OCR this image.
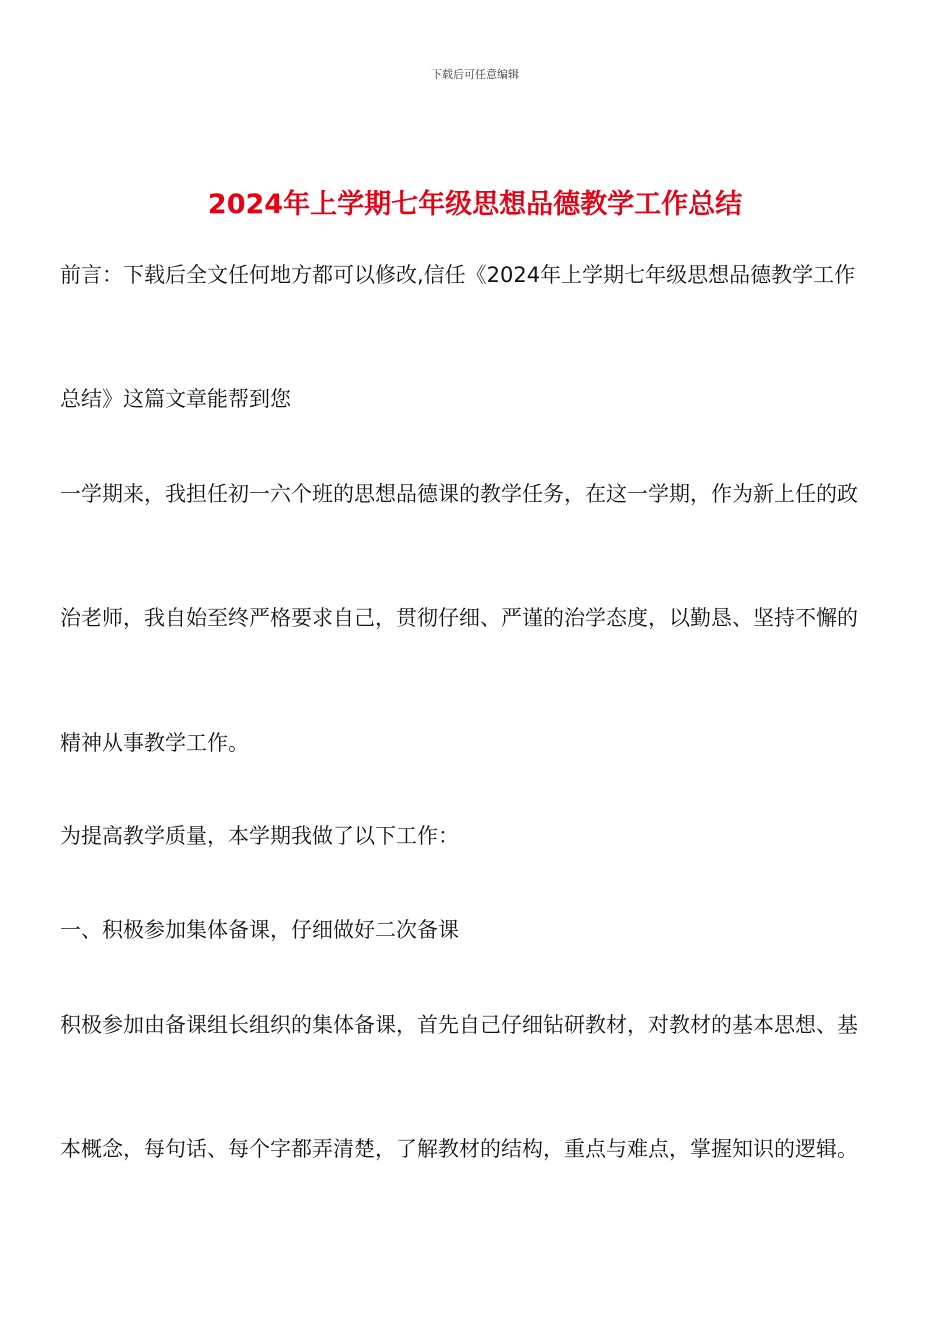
下载后可任意编辑
2024年上学期七年级思想品德教学工作总结
前言：下载后全文任何地方都可以修改,信任《2024年上学期七年级思想品德教学工作
总结》这篇文章能帮到您
一学期来，我担任初一六个班的思想品德课的教学任务，在这一学期，作为新上任的政
治老师，我自始至终严格要求自己，贯彻仔细、严谨的治学态度，以勤恳、坚持不懈的
精神从事教学工作。
为提高教学质量，本学期我做了以下工作：
一、积极参加集体备课，仔细做好二次备课
积极参加由备课组长组织的集体备课，首先自己仔细钻研教材，对教材的基本思想、基
本概念，每句话、每个字都弄清楚，了解教材的结构，重点与难点，掌握知识的逻辑。
